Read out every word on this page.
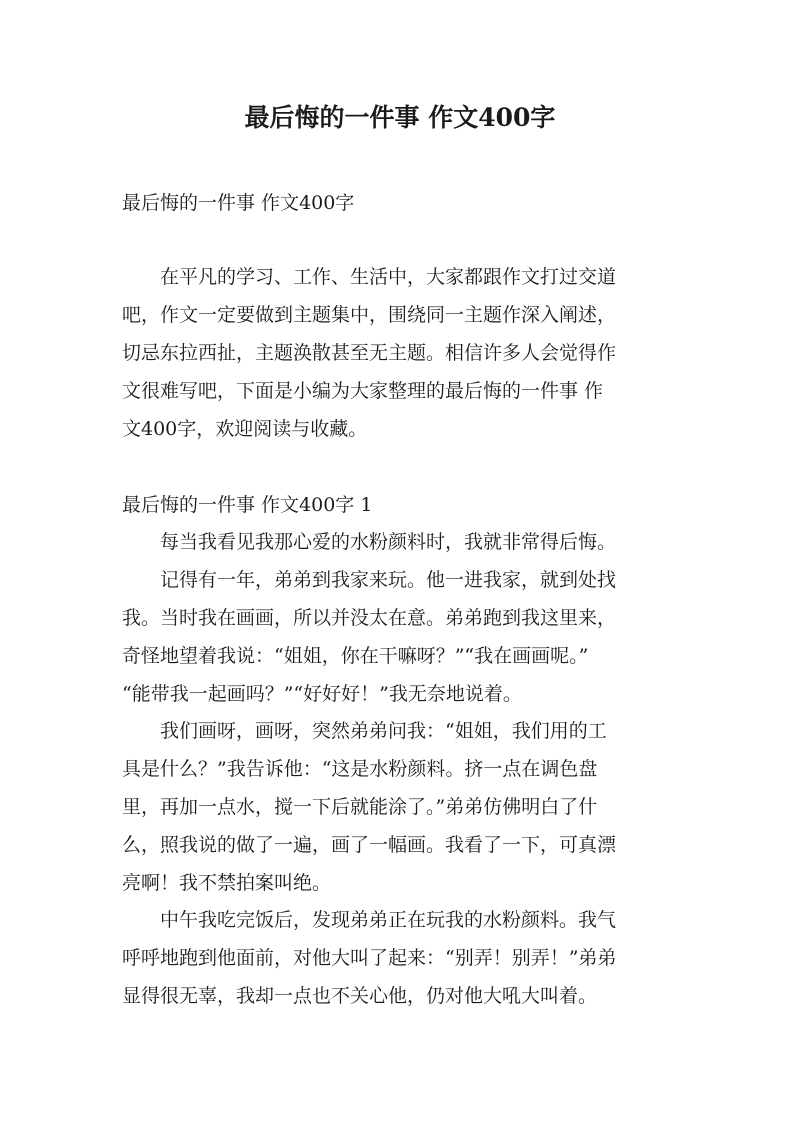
最后悔的一件事 作文400字
最后悔的一件事 作文400字
　　在平凡的学习、工作、生活中，大家都跟作文打过交道
吧，作文一定要做到主题集中，围绕同一主题作深入阐述，
切忌东拉西扯，主题涣散甚至无主题。相信许多人会觉得作
文很难写吧，下面是小编为大家整理的最后悔的一件事 作
文400字，欢迎阅读与收藏。
最后悔的一件事 作文400字 1
　　每当我看见我那心爱的水粉颜料时，我就非常得后悔。
　　记得有一年，弟弟到我家来玩。他一进我家，就到处找
我。当时我在画画，所以并没太在意。弟弟跑到我这里来，
奇怪地望着我说：“姐姐，你在干嘛呀？”“我在画画呢。”
“能带我一起画吗？”“好好好！”我无奈地说着。
　　我们画呀，画呀，突然弟弟问我：“姐姐，我们用的工
具是什么？”我告诉他：“这是水粉颜料。挤一点在调色盘
里，再加一点水，搅一下后就能涂了。”弟弟仿佛明白了什
么，照我说的做了一遍，画了一幅画。我看了一下，可真漂
亮啊！我不禁拍案叫绝。
　　中午我吃完饭后，发现弟弟正在玩我的水粉颜料。我气
呼呼地跑到他面前，对他大叫了起来：“别弄！别弄！”弟弟
显得很无辜，我却一点也不关心他，仍对他大吼大叫着。
